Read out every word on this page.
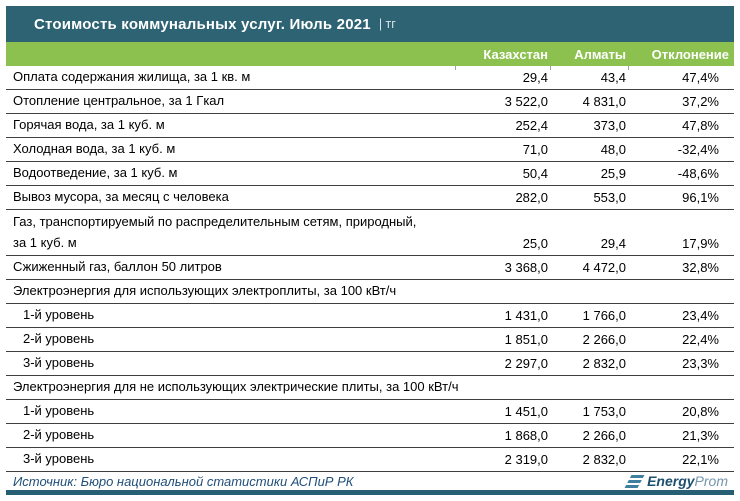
Стоимость коммунальных услуг. Июль 2021 | тг
Казахстан	Алматы	Отклонение
Оплата содержания жилища, за 1 кв. м	29,4	43,4	47,4%
Отопление центральное, за 1 Гкал	3 522,0	4 831,0	37,2%
Горячая вода, за 1 куб. м	252,4	373,0	47,8%
Холодная вода, за 1 куб. м	71,0	48,0	-32,4%
Водоотведение, за 1 куб. м	50,4	25,9	-48,6%
Вывоз мусора, за месяц с человека	282,0	553,0	96,1%
Газ, транспортируемый по распределительным сетям, природный,
за 1 куб. м	25,0	29,4	17,9%
Сжиженный газ, баллон 50 литров	3 368,0	4 472,0	32,8%
Электроэнергия для использующих электроплиты, за 100 кВт/ч
1-й уровень	1 431,0	1 766,0	23,4%
2-й уровень	1 851,0	2 266,0	22,4%
3-й уровень	2 297,0	2 832,0	23,3%
Электроэнергия для не использующих электрические плиты, за 100 кВт/ч
1-й уровень	1 451,0	1 753,0	20,8%
2-й уровень	1 868,0	2 266,0	21,3%
3-й уровень	2 319,0	2 832,0	22,1%
Источник: Бюро национальной статистики АСПиР РК	EnergyProm
